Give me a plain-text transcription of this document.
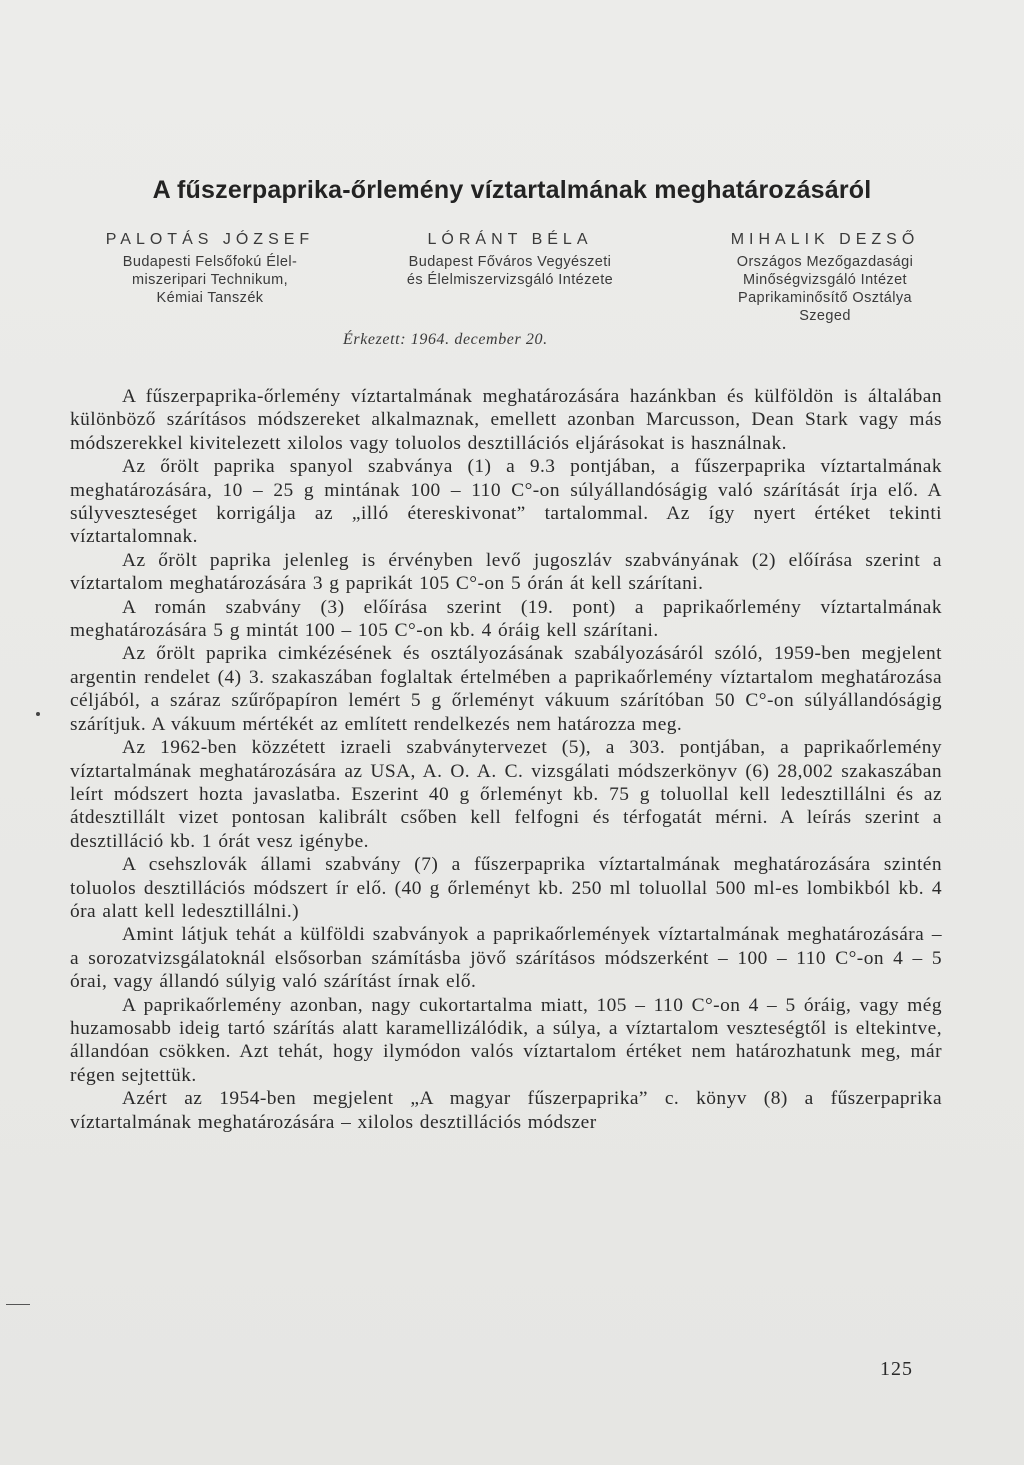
A fűszerpaprika-őrlemény víztartalmának meghatározásáról
PALOTÁS JÓZSEF
Budapesti Felsőfokú Élel-
miszeripari Technikum,
Kémiai Tanszék
LÓRÁNT BÉLA
Budapest Főváros Vegyészeti
és Élelmiszervizsgáló Intézete
MIHALIK DEZSŐ
Országos Mezőgazdasági
Minőségvizsgáló Intézet
Paprikaminősítő Osztálya
Szeged
Érkezett: 1964. december 20.

A fűszerpaprika-őrlemény víztartalmának meghatározására hazánkban és külföldön is általában különböző szárításos módszereket alkalmaznak, emellett azonban Marcusson, Dean Stark vagy más módszerekkel kivitelezett xilolos vagy toluolos desztillációs eljárásokat is használnak.

Az őrölt paprika spanyol szabványa (1) a 9.3 pontjában, a fűszerpaprika víztartalmának meghatározására, 10 – 25 g mintának 100 – 110 C°-on súlyállandóságig való szárítását írja elő. A súlyveszteséget korrigálja az „illó étereskivonat” tartalommal. Az így nyert értéket tekinti víztartalomnak.

Az őrölt paprika jelenleg is érvényben levő jugoszláv szabványának (2) előírása szerint a víztartalom meghatározására 3 g paprikát 105 C°-on 5 órán át kell szárítani.

A román szabvány (3) előírása szerint (19. pont) a paprikaőrlemény víztartalmának meghatározására 5 g mintát 100 – 105 C°-on kb. 4 óráig kell szárítani.

Az őrölt paprika cimkézésének és osztályozásának szabályozásáról szóló, 1959-ben megjelent argentin rendelet (4) 3. szakaszában foglaltak értelmében a paprikaőrlemény víztartalom meghatározása céljából, a száraz szűrőpapíron lemért 5 g őrleményt vákuum szárítóban 50 C°-on súlyállandóságig szárítjuk. A vákuum mértékét az említett rendelkezés nem határozza meg.

Az 1962-ben közzétett izraeli szabványtervezet (5), a 303. pontjában, a paprikaőrlemény víztartalmának meghatározására az USA, A. O. A. C. vizsgálati módszerkönyv (6) 28,002 szakaszában leírt módszert hozta javaslatba. Eszerint 40 g őrleményt kb. 75 g toluollal kell ledesztillálni és az átdesztillált vizet pontosan kalibrált csőben kell felfogni és térfogatát mérni. A leírás szerint a desztilláció kb. 1 órát vesz igénybe.

A csehszlovák állami szabvány (7) a fűszerpaprika víztartalmának meghatározására szintén toluolos desztillációs módszert ír elő. (40 g őrleményt kb. 250 ml toluollal 500 ml-es lombikból kb. 4 óra alatt kell ledesztillálni.)

Amint látjuk tehát a külföldi szabványok a paprikaőrlemények víztartalmának meghatározására – a sorozatvizsgálatoknál elsősorban számításba jövő szárításos módszerként – 100 – 110 C°-on 4 – 5 órai, vagy állandó súlyig való szárítást írnak elő.

A paprikaőrlemény azonban, nagy cukortartalma miatt, 105 – 110 C°-on 4 – 5 óráig, vagy még huzamosabb ideig tartó szárítás alatt karamellizálódik, a súlya, a víztartalom veszteségtől is eltekintve, állandóan csökken. Azt tehát, hogy ilymódon valós víztartalom értéket nem határozhatunk meg, már régen sejtettük.

Azért az 1954-ben megjelent „A magyar fűszerpaprika” c. könyv (8) a fűszerpaprika víztartalmának meghatározására – xilolos desztillációs módszer

125
